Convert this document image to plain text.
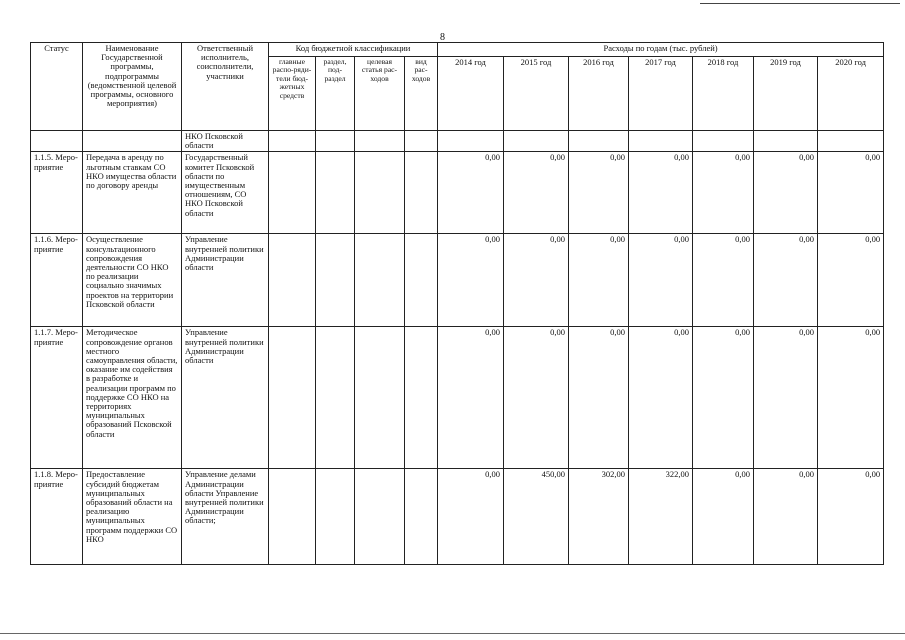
8
Статус	Наименование Государственной программы, подпрограммы (ведомственной целевой программы, основного мероприятия)	Ответственный исполнитель, соисполнители, участники	Код бюджетной классификации				Расходы по годам (тыс. рублей)						
			главные распо-ряди-тели бюд-жетных средств	раздел, под-раздел	целевая статья рас-ходов	вид рас-ходов	2014 год	2015 год	2016 год	2017 год	2018 год	2019 год	2020 год
		НКО Псковской области											
1.1.5. Меро-приятие	Передача в аренду по льготным ставкам СО НКО имущества области по договору аренды	Государственный комитет Псковской области по имущественным отношениям, СО НКО Псковской области					0,00	0,00	0,00	0,00	0,00	0,00	0,00
1.1.6. Меро-приятие	Осуществление консультационного сопровождения деятельности СО НКО по реализации социально значимых проектов на территории Псковской области	Управление внутренней политики Администрации области					0,00	0,00	0,00	0,00	0,00	0,00	0,00
1.1.7. Меро-приятие	Методическое сопровождение органов местного самоуправления области, оказание им содействия в разработке и реализации программ по поддержке СО НКО на территориях муниципальных образований Псковской области	Управление внутренней политики Администрации области					0,00	0,00	0,00	0,00	0,00	0,00	0,00
1.1.8. Меро-приятие	Предоставление субсидий бюджетам муниципальных образований области на реализацию муниципальных программ поддержки СО НКО	Управление делами Администрации области Управление внутренней политики Администрации области;					0,00	450,00	302,00	322,00	0,00	0,00	0,00
